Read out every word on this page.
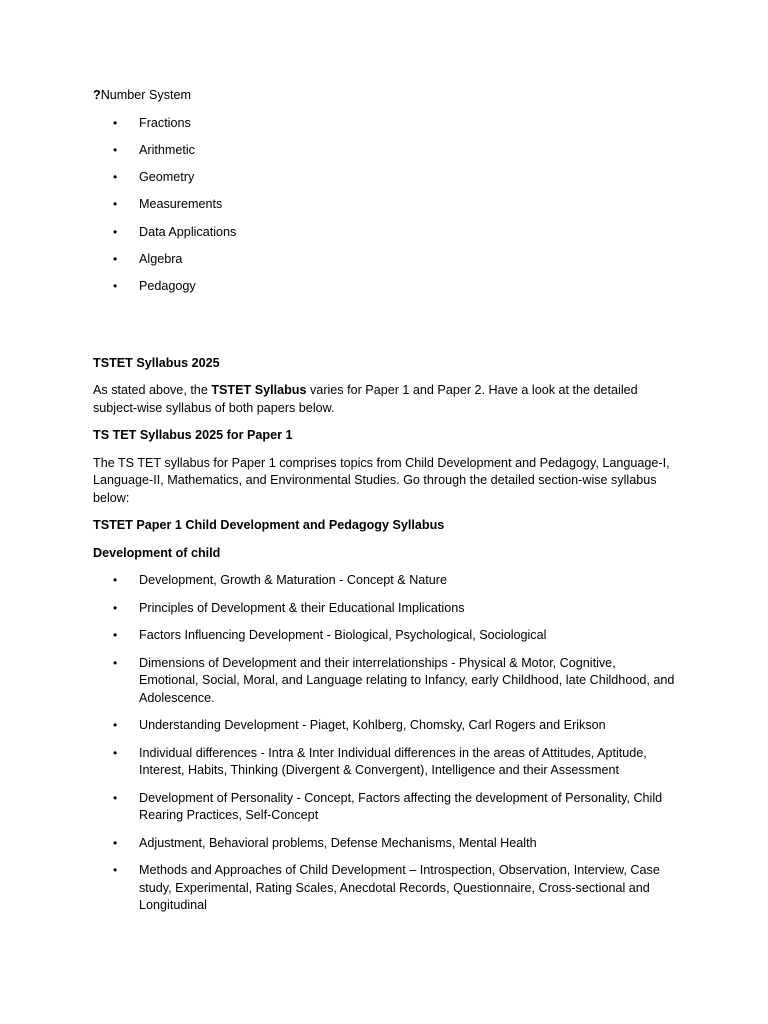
?Number System

• Fractions
• Arithmetic
• Geometry
• Measurements
• Data Applications
• Algebra
• Pedagogy

TSTET Syllabus 2025

As stated above, the TSTET Syllabus varies for Paper 1 and Paper 2. Have a look at the detailed subject-wise syllabus of both papers below.

TS TET Syllabus 2025 for Paper 1

The TS TET syllabus for Paper 1 comprises topics from Child Development and Pedagogy, Language-I, Language-II, Mathematics, and Environmental Studies. Go through the detailed section-wise syllabus below:

TSTET Paper 1 Child Development and Pedagogy Syllabus

Development of child

• Development, Growth & Maturation - Concept & Nature
• Principles of Development & their Educational Implications
• Factors Influencing Development - Biological, Psychological, Sociological
• Dimensions of Development and their interrelationships - Physical & Motor, Cognitive, Emotional, Social, Moral, and Language relating to Infancy, early Childhood, late Childhood, and Adolescence.
• Understanding Development - Piaget, Kohlberg, Chomsky, Carl Rogers and Erikson
• Individual differences - Intra & Inter Individual differences in the areas of Attitudes, Aptitude, Interest, Habits, Thinking (Divergent & Convergent), Intelligence and their Assessment
• Development of Personality - Concept, Factors affecting the development of Personality, Child Rearing Practices, Self-Concept
• Adjustment, Behavioral problems, Defense Mechanisms, Mental Health
• Methods and Approaches of Child Development – Introspection, Observation, Interview, Case study, Experimental, Rating Scales, Anecdotal Records, Questionnaire, Cross-sectional and Longitudinal
